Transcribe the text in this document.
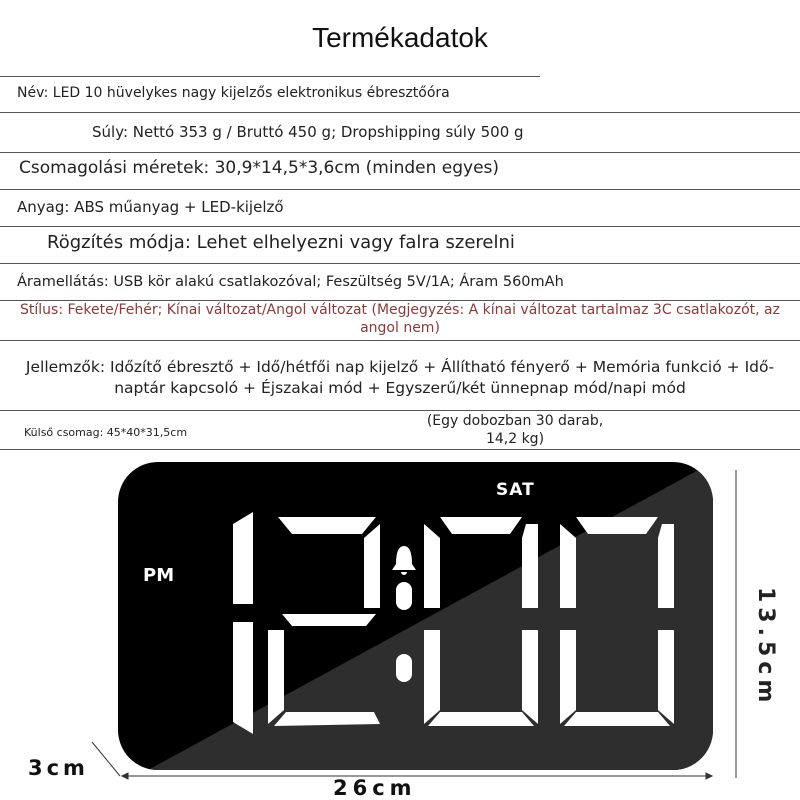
Termékadatok
Név: LED 10 hüvelykes nagy kijelzős elektronikus ébresztőóra
Súly: Nettó 353 g / Bruttó 450 g; Dropshipping súly 500 g
Csomagolási méretek: 30,9*14,5*3,6cm (minden egyes)
Anyag: ABS műanyag + LED-kijelző
Rögzítés módja: Lehet elhelyezni vagy falra szerelni
Áramellátás: USB kör alakú csatlakozóval; Feszültség 5V/1A; Áram 560mAh
Stílus: Fekete/Fehér; Kínai változat/Angol változat (Megjegyzés: A kínai változat tartalmaz 3C csatlakozót, az angol nem)
Jellemzők: Időzítő ébresztő + Idő/hétfői nap kijelző + Állítható fényerő + Memória funkció + Idő-naptár kapcsoló + Éjszakai mód + Egyszerű/két ünnepnap mód/napi mód
Külső csomag: 45*40*31,5cm
(Egy dobozban 30 darab, 14,2 kg)
SAT
PM
3cm
26cm
13.5cm
